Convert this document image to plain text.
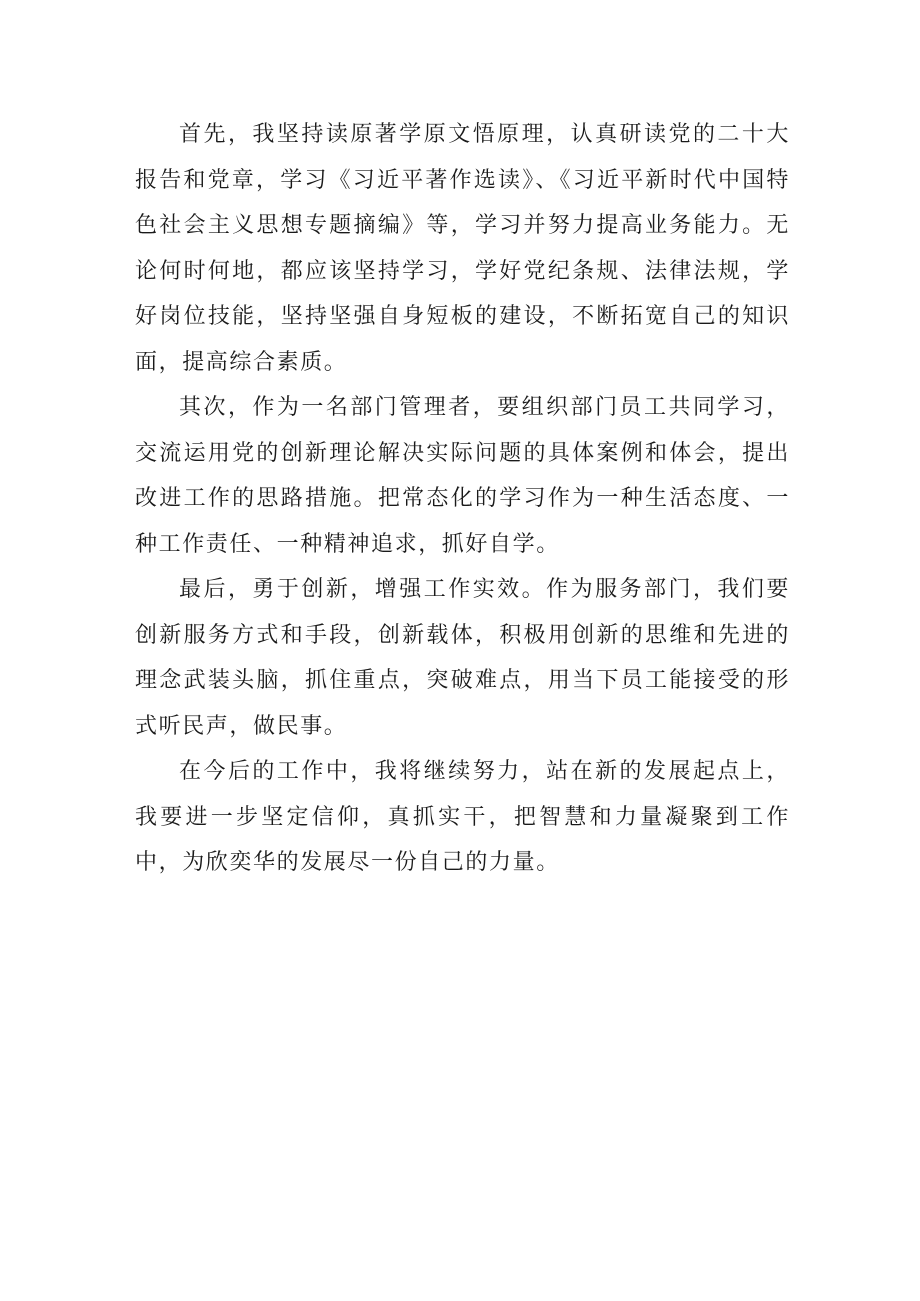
首先，我坚持读原著学原文悟原理，认真研读党的二十大报告和党章，学习《习近平著作选读》、《习近平新时代中国特色社会主义思想专题摘编》等，学习并努力提高业务能力。无论何时何地，都应该坚持学习，学好党纪条规、法律法规，学好岗位技能，坚持坚强自身短板的建设，不断拓宽自己的知识面，提高综合素质。

其次，作为一名部门管理者，要组织部门员工共同学习，交流运用党的创新理论解决实际问题的具体案例和体会，提出改进工作的思路措施。把常态化的学习作为一种生活态度、一种工作责任、一种精神追求，抓好自学。

最后，勇于创新，增强工作实效。作为服务部门，我们要创新服务方式和手段，创新载体，积极用创新的思维和先进的理念武装头脑，抓住重点，突破难点，用当下员工能接受的形式听民声，做民事。

在今后的工作中，我将继续努力，站在新的发展起点上，我要进一步坚定信仰，真抓实干，把智慧和力量凝聚到工作中，为欣奕华的发展尽一份自己的力量。
